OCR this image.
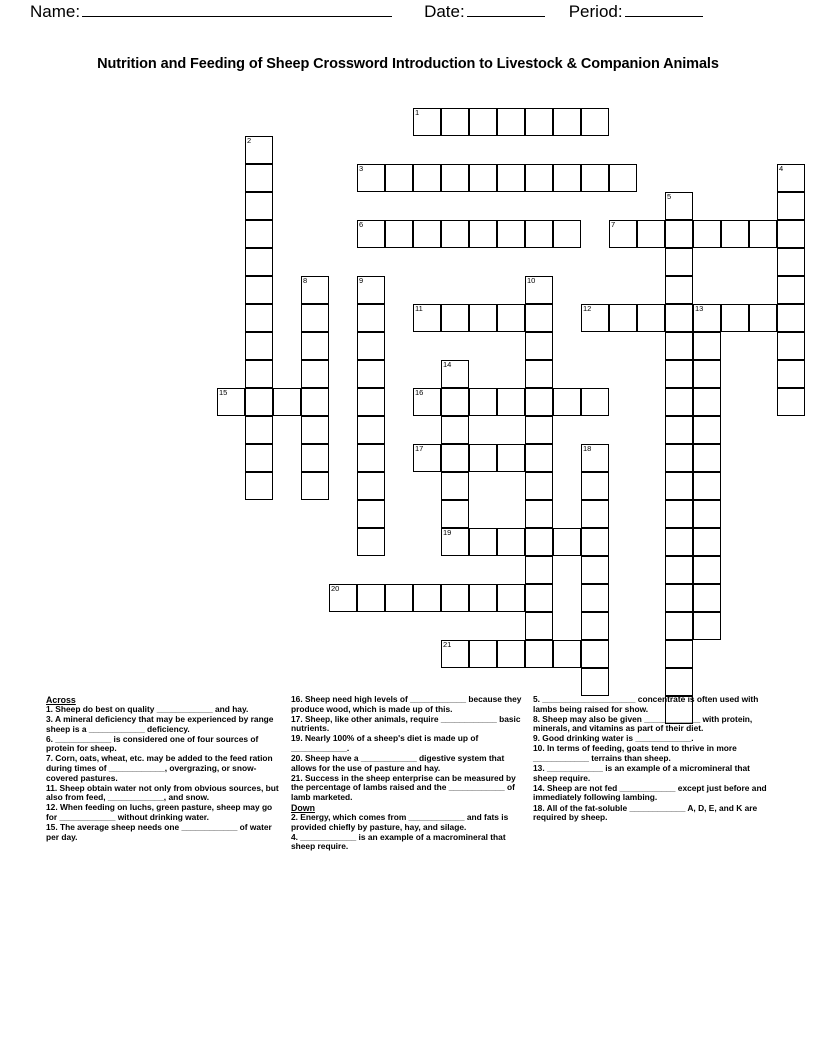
Name:	Date:	Period:
Nutrition and Feeding of Sheep Crossword Introduction to Livestock & Companion Animals
1
2
3	4
5
6	7
8	9	10
11	12	13
14
15	16
17	18
19
20
21
Across
1. Sheep do best on quality ____________ and hay.
3. A mineral deficiency that may be experienced by range sheep is a ____________ deficiency.
6. ____________ is considered one of four sources of protein for sheep.
7. Corn, oats, wheat, etc. may be added to the feed ration during times of ____________, overgrazing, or snow-covered pastures.
11. Sheep obtain water not only from obvious sources, but also from feed, ____________, and snow.
12. When feeding on luchs, green pasture, sheep may go for ____________ without drinking water.
15. The average sheep needs one ____________ of water per day.
16. Sheep need high levels of ____________ because they produce wood, which is made up of this.
17. Sheep, like other animals, require ____________ basic nutrients.
19. Nearly 100% of a sheep's diet is made up of ____________.
20. Sheep have a ____________ digestive system that allows for the use of pasture and hay.
21. Success in the sheep enterprise can be measured by the percentage of lambs raised and the ____________ of lamb marketed.
Down
2. Energy, which comes from ____________ and fats is provided chiefly by pasture, hay, and silage.
4. ____________ is an example of a macromineral that sheep require.
5. ____________________ concentrate is often used with lambs being raised for show.
8. Sheep may also be given ____________ with protein, minerals, and vitamins as part of their diet.
9. Good drinking water is ____________.
10. In terms of feeding, goats tend to thrive in more ____________ terrains than sheep.
13. ____________ is an example of a micromineral that sheep require.
14. Sheep are not fed ____________ except just before and immediately following lambing.
18. All of the fat-soluble ____________ A, D, E, and K are required by sheep.
